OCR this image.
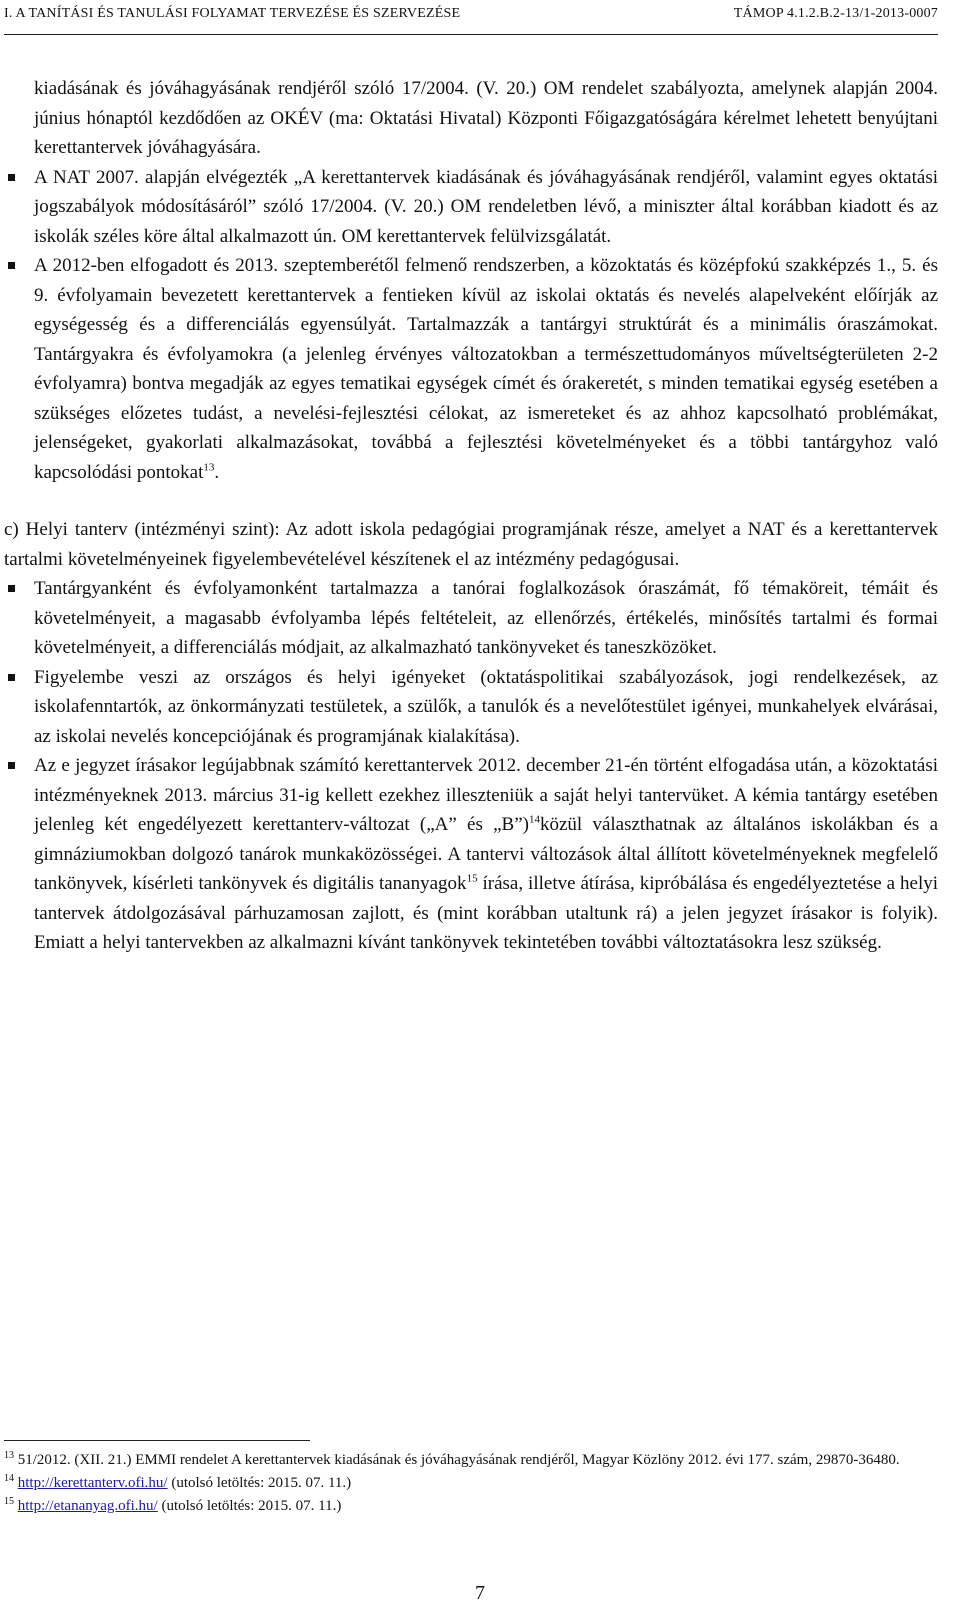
I. A TANÍTÁSI ÉS TANULÁSI FOLYAMAT TERVEZÉSE ÉS SZERVEZÉSE	TÁMOP 4.1.2.B.2-13/1-2013-0007

kiadásának és jóváhagyásának rendjéről szóló 17/2004. (V. 20.) OM rendelet szabályozta, amelynek alapján 2004. június hónaptól kezdődően az OKÉV (ma: Oktatási Hivatal) Központi Főigazgatóságára kérelmet lehetett benyújtani kerettantervek jóváhagyására.

A NAT 2007. alapján elvégezték „A kerettantervek kiadásának és jóváhagyásának rendjéről, valamint egyes oktatási jogszabályok módosításáról” szóló 17/2004. (V. 20.) OM rendeletben lévő, a miniszter által korábban kiadott és az iskolák széles köre által alkalmazott ún. OM kerettantervek felülvizsgálatát.

A 2012-ben elfogadott és 2013. szeptemberétől felmenő rendszerben, a közoktatás és középfokú szakképzés 1., 5. és 9. évfolyamain bevezetett kerettantervek a fentieken kívül az iskolai oktatás és nevelés alapelveként előírják az egységesség és a differenciálás egyensúlyát. Tartalmazzák a tantárgyi struktúrát és a minimális óraszámokat. Tantárgyakra és évfolyamokra (a jelenleg érvényes változatokban a természettudományos műveltségterületen 2-2 évfolyamra) bontva megadják az egyes tematikai egységek címét és órakeretét, s minden tematikai egység esetében a szükséges előzetes tudást, a nevelési-fejlesztési célokat, az ismereteket és az ahhoz kapcsolható problémákat, jelenségeket, gyakorlati alkalmazásokat, továbbá a fejlesztési követelményeket és a többi tantárgyhoz való kapcsolódási pontokat$^{13}$.

c) Helyi tanterv (intézményi szint): Az adott iskola pedagógiai programjának része, amelyet a NAT és a kerettantervek tartalmi követelményeinek figyelembevételével készítenek el az intézmény pedagógusai.

Tantárgyanként és évfolyamonként tartalmazza a tanórai foglalkozások óraszámát, fő témaköreit, témáit és követelményeit, a magasabb évfolyamba lépés feltételeit, az ellenőrzés, értékelés, minősítés tartalmi és formai követelményeit, a differenciálás módjait, az alkalmazható tankönyveket és taneszközöket.

Figyelembe veszi az országos és helyi igényeket (oktatáspolitikai szabályozások, jogi rendelkezések, az iskolafenntartók, az önkormányzati testületek, a szülők, a tanulók és a nevelőtestület igényei, munkahelyek elvárásai, az iskolai nevelés koncepciójának és programjának kialakítása).

Az e jegyzet írásakor legújabbnak számító kerettantervek 2012. december 21-én történt elfogadása után, a közoktatási intézményeknek 2013. március 31-ig kellett ezekhez illeszteniük a saját helyi tantervüket. A kémia tantárgy esetében jelenleg két engedélyezett kerettanterv-változat („A” és „B”)$^{14}$közül választhatnak az általános iskolákban és a gimnáziumokban dolgozó tanárok munkaközösségei. A tantervi változások által állított követelményeknek megfelelő tankönyvek, kísérleti tankönyvek és digitális tananyagok$^{15}$ írása, illetve átírása, kipróbálása és engedélyeztetése a helyi tantervek átdolgozásával párhuzamosan zajlott, és (mint korábban utaltunk rá) a jelen jegyzet írásakor is folyik). Emiatt a helyi tantervekben az alkalmazni kívánt tankönyvek tekintetében további változtatásokra lesz szükség.

$^{13}$ 51/2012. (XII. 21.) EMMI rendelet A kerettantervek kiadásának és jóváhagyásának rendjéről, Magyar Közlöny 2012. évi 177. szám, 29870-36480.

$^{14}$ http://kerettanterv.ofi.hu/ (utolsó letöltés: 2015. 07. 11.)

$^{15}$ http://etananyag.ofi.hu/ (utolsó letöltés: 2015. 07. 11.)

7
